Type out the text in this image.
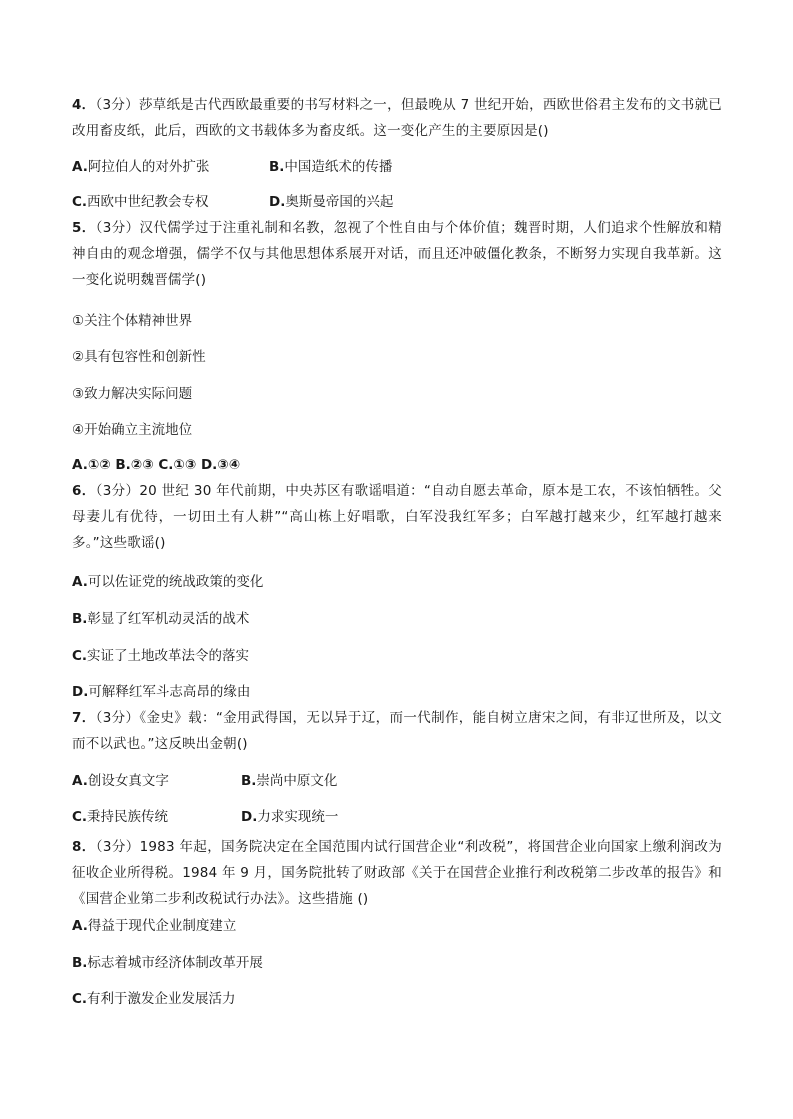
4．（3分）莎草纸是古代西欧最重要的书写材料之一，但最晚从 7 世纪开始，西欧世俗君主发布的文书就已改用畜皮纸，此后，西欧的文书载体多为畜皮纸。这一变化产生的主要原因是()
A.阿拉伯人的对外扩张	B.中国造纸术的传播
C.西欧中世纪教会专权	D.奥斯曼帝国的兴起
5．（3分）汉代儒学过于注重礼制和名教，忽视了个性自由与个体价值；魏晋时期，人们追求个性解放和精神自由的观念增强，儒学不仅与其他思想体系展开对话，而且还冲破僵化教条，不断努力实现自我革新。这一变化说明魏晋儒学()
①关注个体精神世界
②具有包容性和创新性
③致力解决实际问题
④开始确立主流地位
A.①② B.②③ C.①③ D.③④
6．（3分）20 世纪 30 年代前期，中央苏区有歌谣唱道：“自动自愿去革命，原本是工农，不该怕牺牲。父母妻儿有优待，一切田土有人耕”“高山栋上好唱歌，白军没我红军多；白军越打越来少，红军越打越来多。”这些歌谣()
A.可以佐证党的统战政策的变化
B.彰显了红军机动灵活的战术
C.实证了土地改革法令的落实
D.可解释红军斗志高昂的缘由
7．（3分）《金史》载：“金用武得国，无以异于辽，而一代制作，能自树立唐宋之间，有非辽世所及，以文而不以武也。”这反映出金朝()
A.创设女真文字	B.崇尚中原文化
C.秉持民族传统	D.力求实现统一
8．（3分）1983 年起，国务院决定在全国范围内试行国营企业“利改税”，将国营企业向国家上缴利润改为征收企业所得税。1984 年 9 月，国务院批转了财政部《关于在国营企业推行利改税第二步改革的报告》和《国营企业第二步利改税试行办法》。这些措施 ()
A.得益于现代企业制度建立
B.标志着城市经济体制改革开展
C.有利于激发企业发展活力
